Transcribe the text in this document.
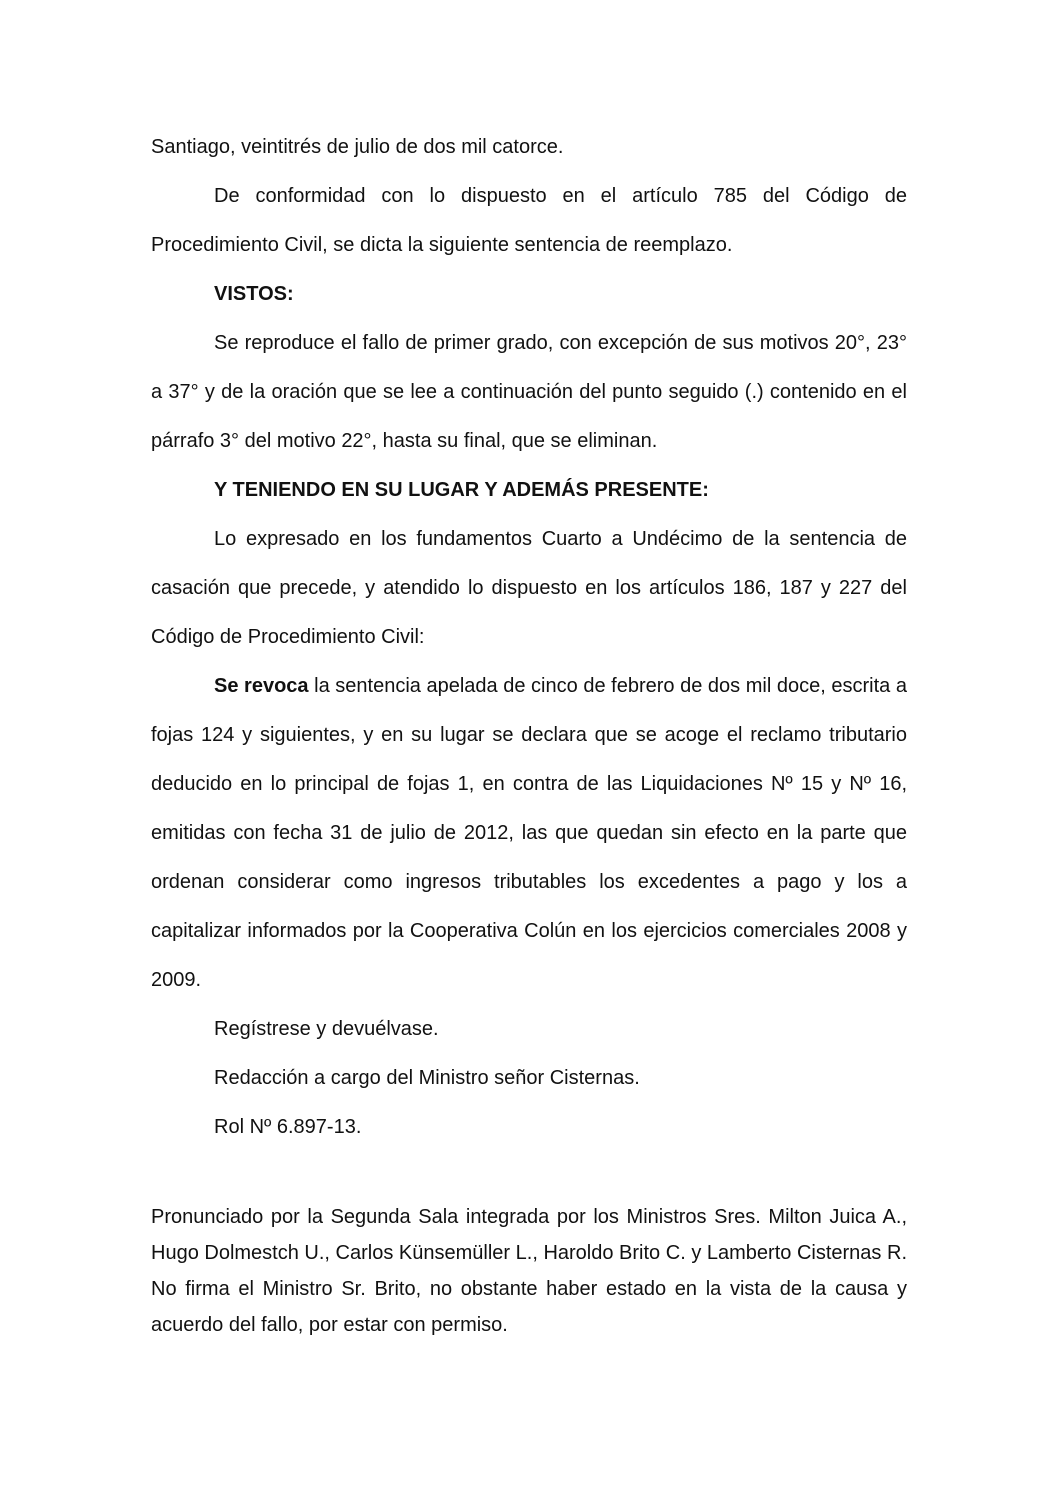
Santiago, veintitrés de julio de dos mil catorce.

De conformidad con lo dispuesto en el artículo 785 del Código de Procedimiento Civil, se dicta la siguiente sentencia de reemplazo.

VISTOS:

Se reproduce el fallo de primer grado, con excepción de sus motivos 20°, 23° a 37° y de la oración que se lee a continuación del punto seguido (.) contenido en el párrafo 3° del motivo 22°, hasta su final, que se eliminan.

Y TENIENDO EN SU LUGAR Y ADEMÁS PRESENTE:

Lo expresado en los fundamentos Cuarto a Undécimo de la sentencia de casación que precede, y atendido lo dispuesto en los artículos 186, 187 y 227 del Código de Procedimiento Civil:

Se revoca la sentencia apelada de cinco de febrero de dos mil doce, escrita a fojas 124 y siguientes, y en su lugar se declara que se acoge el reclamo tributario deducido en lo principal de fojas 1, en contra de las Liquidaciones Nº 15 y Nº 16, emitidas con fecha 31 de julio de 2012, las que quedan sin efecto en la parte que ordenan considerar como ingresos tributables los excedentes a pago y los a capitalizar informados por la Cooperativa Colún en los ejercicios comerciales 2008 y 2009.

Regístrese y devuélvase.

Redacción a cargo del Ministro señor Cisternas.

Rol Nº 6.897-13.

Pronunciado por la Segunda Sala integrada por los Ministros Sres. Milton Juica A., Hugo Dolmestch U., Carlos Künsemüller L., Haroldo Brito C. y Lamberto Cisternas R. No firma el Ministro Sr. Brito, no obstante haber estado en la vista de la causa y acuerdo del fallo, por estar con permiso.
